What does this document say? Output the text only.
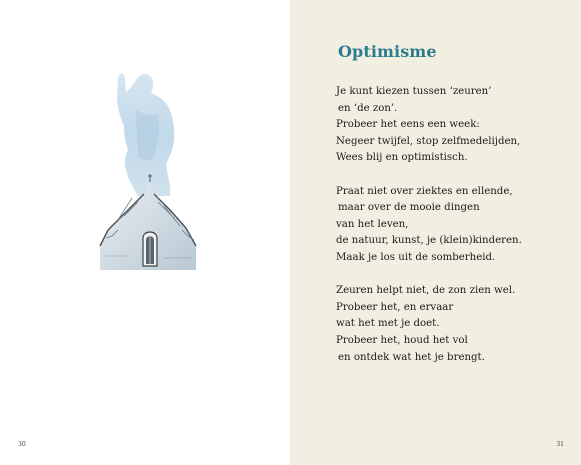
30
Optimisme

Je kunt kiezen tussen ‘zeuren’
en ‘de zon’.
Probeer het eens een week:
Negeer twijfel, stop zelfmedelijden,
Wees blij en optimistisch.

Praat niet over ziektes en ellende,
maar over de mooie dingen
van het leven,
de natuur, kunst, je (klein)kinderen.
Maak je los uit de somberheid.

Zeuren helpt niet, de zon zien wel.
Probeer het, en ervaar
wat het met je doet.
Probeer het, houd het vol
en ontdek wat het je brengt.

31
